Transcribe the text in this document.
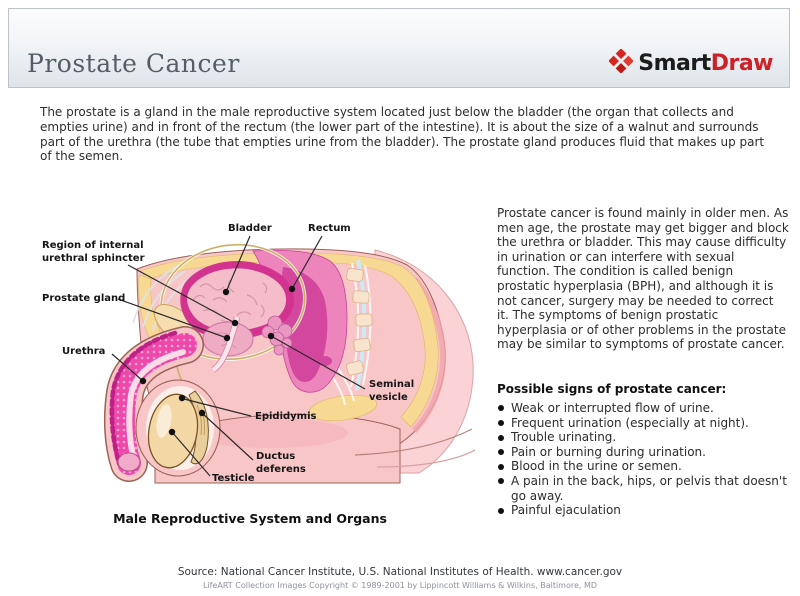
Prostate Cancer	SmartDraw
The prostate is a gland in the male reproductive system located just below the bladder (the organ that collects and empties urine) and in front of the rectum (the lower part of the intestine). It is about the size of a walnut and surrounds part of the urethra (the tube that empties urine from the bladder). The prostate gland produces fluid that makes up part of the semen.
Bladder	Rectum
Region of internal
urethral sphincter
Prostate gland
Urethra
Seminal
vesicle
Epididymis
Ductus
deferens
Testicle
Male Reproductive System and Organs
Prostate cancer is found mainly in older men. As men age, the prostate may get bigger and block the urethra or bladder. This may cause difficulty in urination or can interfere with sexual function. The condition is called benign prostatic hyperplasia (BPH), and although it is not cancer, surgery may be needed to correct it. The symptoms of benign prostatic hyperplasia or of other problems in the prostate may be similar to symptoms of prostate cancer.
Possible signs of prostate cancer:
Weak or interrupted flow of urine.
Frequent urination (especially at night).
Trouble urinating.
Pain or burning during urination.
Blood in the urine or semen.
A pain in the back, hips, or pelvis that doesn't go away.
Painful ejaculation
Source: National Cancer Institute, U.S. National Institutes of Health. www.cancer.gov
LifeART Collection Images Copyright © 1989-2001 by Lippincott Williams & Wilkins, Baltimore, MD
